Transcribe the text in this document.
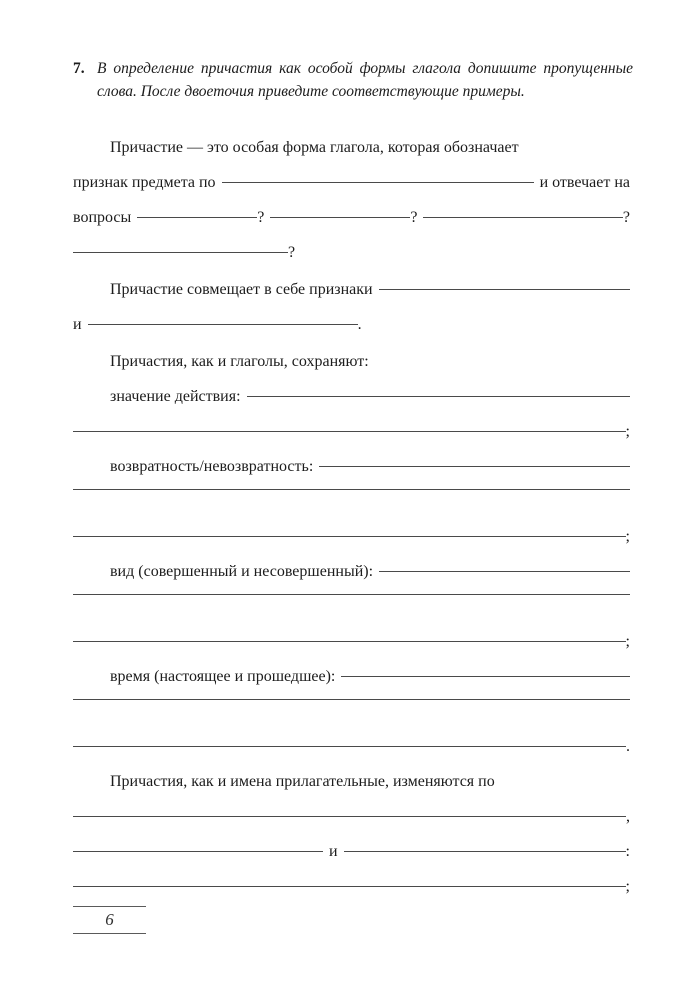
7. В определение причастия как особой формы глагола допишите пропущенные слова. После двоеточия приведите соответствующие примеры.
Причастие — это особая форма глагола, которая обозначает
признак предмета по	и отвечает на
вопросы	?	?	?
?
Причастие совмещает в себе признаки
и	.
Причастия, как и глаголы, сохраняют:
значение действия:
;
возвратность/невозвратность:
;
вид (совершенный и несовершенный):
;
время (настоящее и прошедшее):
.
Причастия, как и имена прилагательные, изменяются по
,
и	:
;
6
